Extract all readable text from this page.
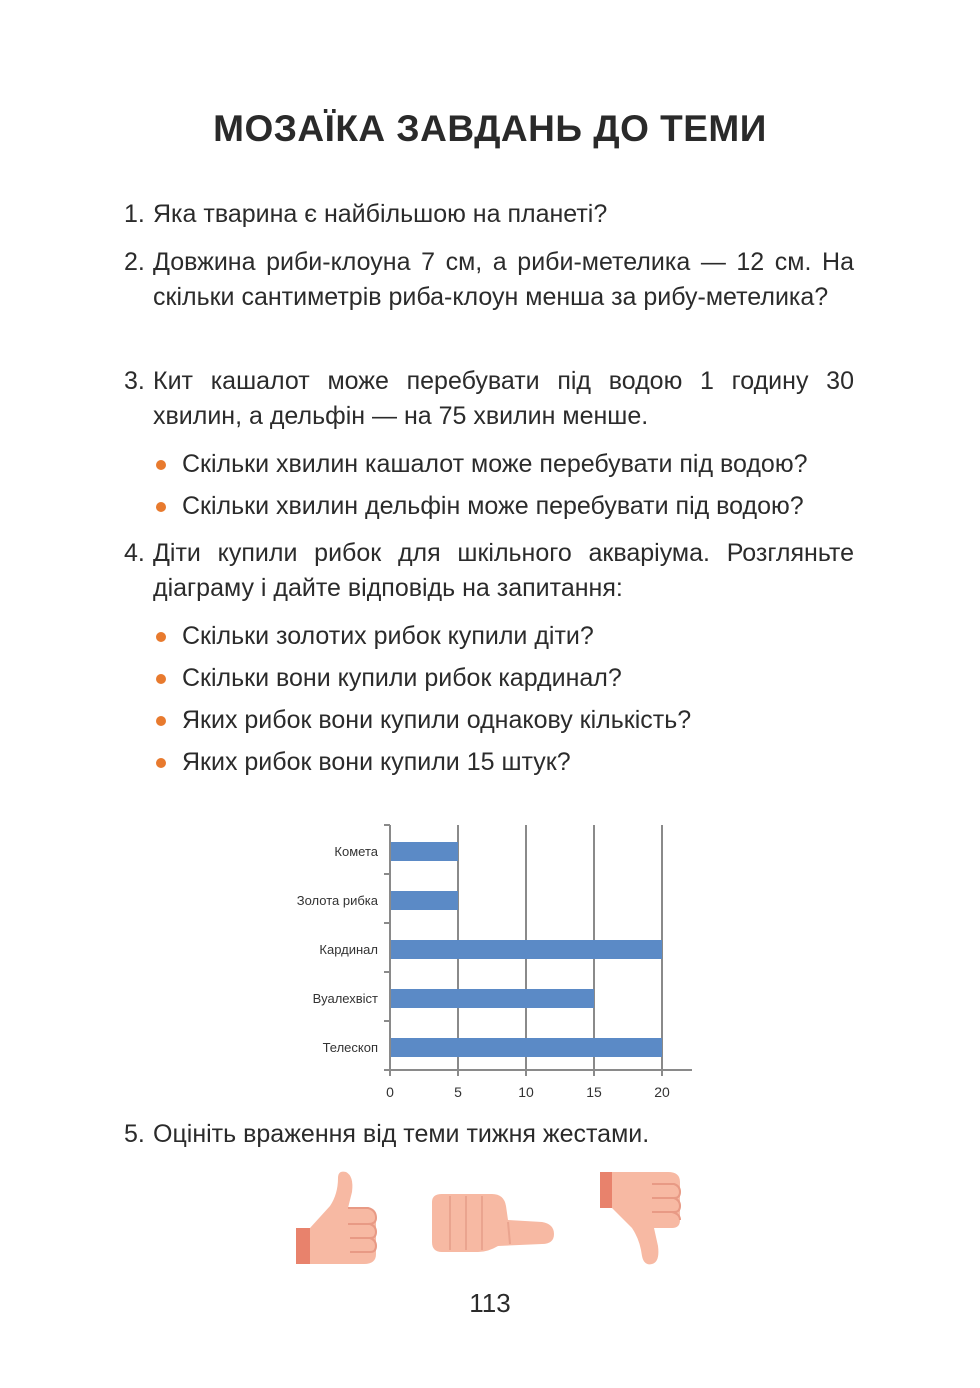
МОЗАЇКА ЗАВДАНЬ ДО ТЕМИ
1. Яка тварина є найбільшою на планеті?
2. Довжина риби-клоуна 7 см, а риби-метелика — 12 см. На скільки сантиметрів риба-клоун менша за рибу-метелика?
3. Кит кашалот може перебувати під водою 1 годину 30 хвилин, а дельфін — на 75 хвилин менше.
Скільки хвилин кашалот може перебувати під водою?
Скільки хвилин дельфін може перебувати під водою?
4. Діти купили рибок для шкільного акваріума. Розгляньте діаграму і дайте відповідь на запитання:
Скільки золотих рибок купили діти?
Скільки вони купили рибок кардинал?
Яких рибок вони купили однакову кількість?
Яких рибок вони купили 15 штук?
Комета
Золота рибка
Кардинал
Вуалехвіст
Телескоп
0	5	10	15	20
5. Оцініть враження від теми тижня жестами.
113
